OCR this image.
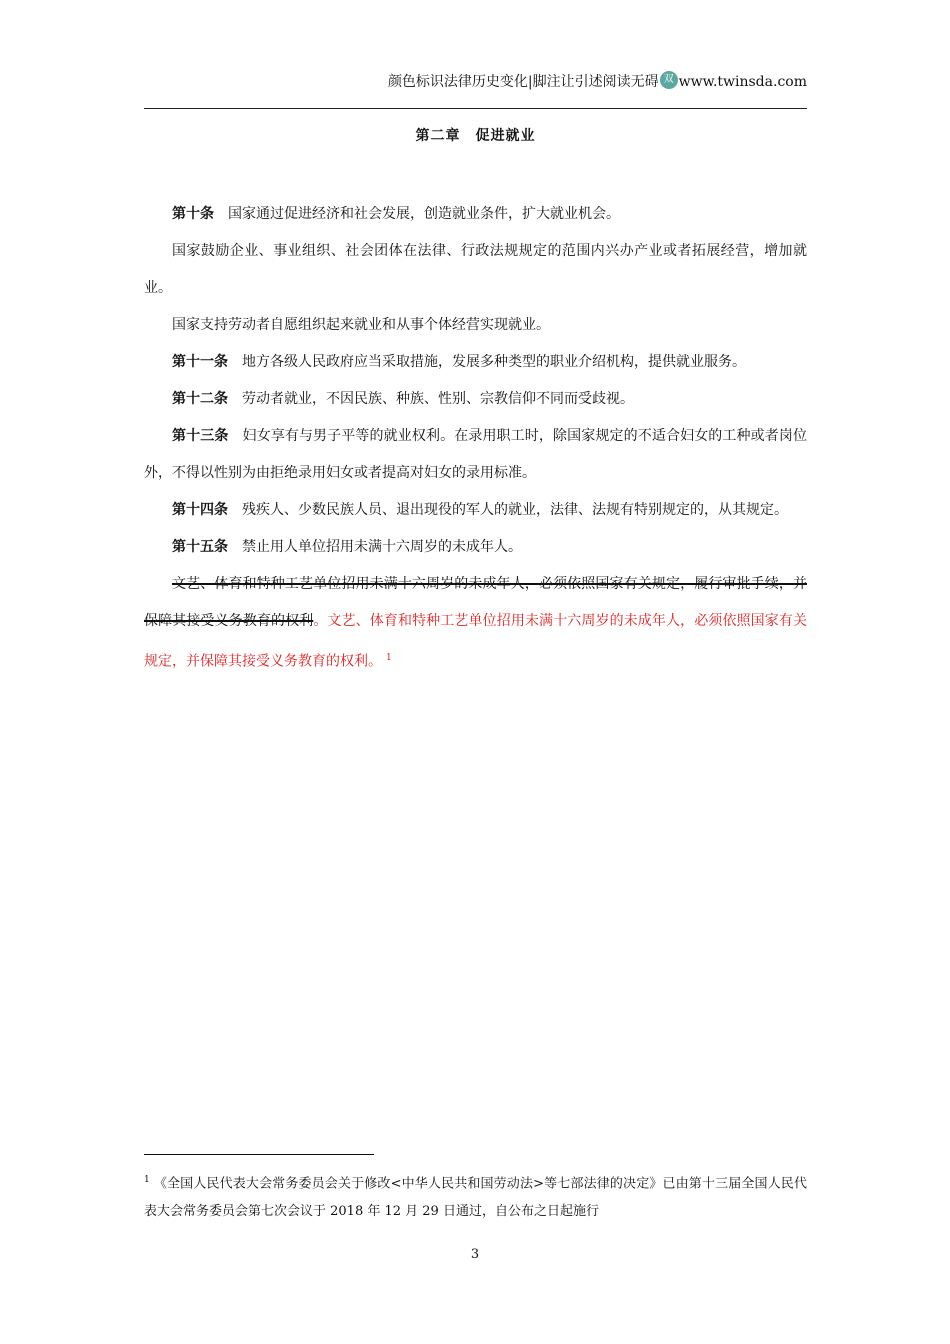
颜色标识法律历史变化|脚注让引述阅读无碍 双 www.twinsda.com
第二章　促进就业

第十条 国家通过促进经济和社会发展，创造就业条件，扩大就业机会。

国家鼓励企业、事业组织、社会团体在法律、行政法规规定的范围内兴办产业或者拓展经营，增加就业。

国家支持劳动者自愿组织起来就业和从事个体经营实现就业。

第十一条 地方各级人民政府应当采取措施，发展多种类型的职业介绍机构，提供就业服务。

第十二条 劳动者就业，不因民族、种族、性别、宗教信仰不同而受歧视。

第十三条 妇女享有与男子平等的就业权利。在录用职工时，除国家规定的不适合妇女的工种或者岗位外，不得以性别为由拒绝录用妇女或者提高对妇女的录用标准。

第十四条 残疾人、少数民族人员、退出现役的军人的就业，法律、法规有特别规定的，从其规定。

第十五条 禁止用人单位招用未满十六周岁的未成年人。

文艺、体育和特种工艺单位招用未满十六周岁的未成年人，必须依照国家有关规定，履行审批手续，并保障其接受义务教育的权利。文艺、体育和特种工艺单位招用未满十六周岁的未成年人，必须依照国家有关规定，并保障其接受义务教育的权利。 $^1$

$^1$ 《全国人民代表大会常务委员会关于修改<中华人民共和国劳动法>等七部法律的决定》已由第十三届全国人民代表大会常务委员会第七次会议于 2018 年 12 月 29 日通过，自公布之日起施行
3
